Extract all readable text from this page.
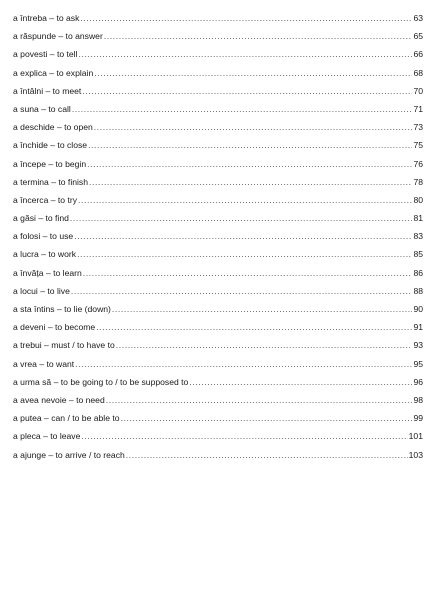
a întreba – to ask .....	63
a răspunde – to answer .....	65
a povesti – to tell .....	66
a explica – to explain .....	68
a întâlni – to meet .....	70
a suna – to call .....	71
a deschide – to open .....	73
a închide – to close .....	75
a începe – to begin .....	76
a termina – to finish .....	78
a încerca – to try .....	80
a găsi – to find .....	81
a folosi – to use .....	83
a lucra – to work .....	85
a învăța – to learn .....	86
a locui – to live .....	88
a sta întins – to lie (down) .....	90
a deveni – to become .....	91
a trebui – must / to have to .....	93
a vrea – to want .....	95
a urma să – to be going to / to be supposed to .....	96
a avea nevoie – to need .....	98
a putea – can / to be able to .....	99
a pleca – to leave .....	101
a ajunge – to arrive / to reach .....	103
